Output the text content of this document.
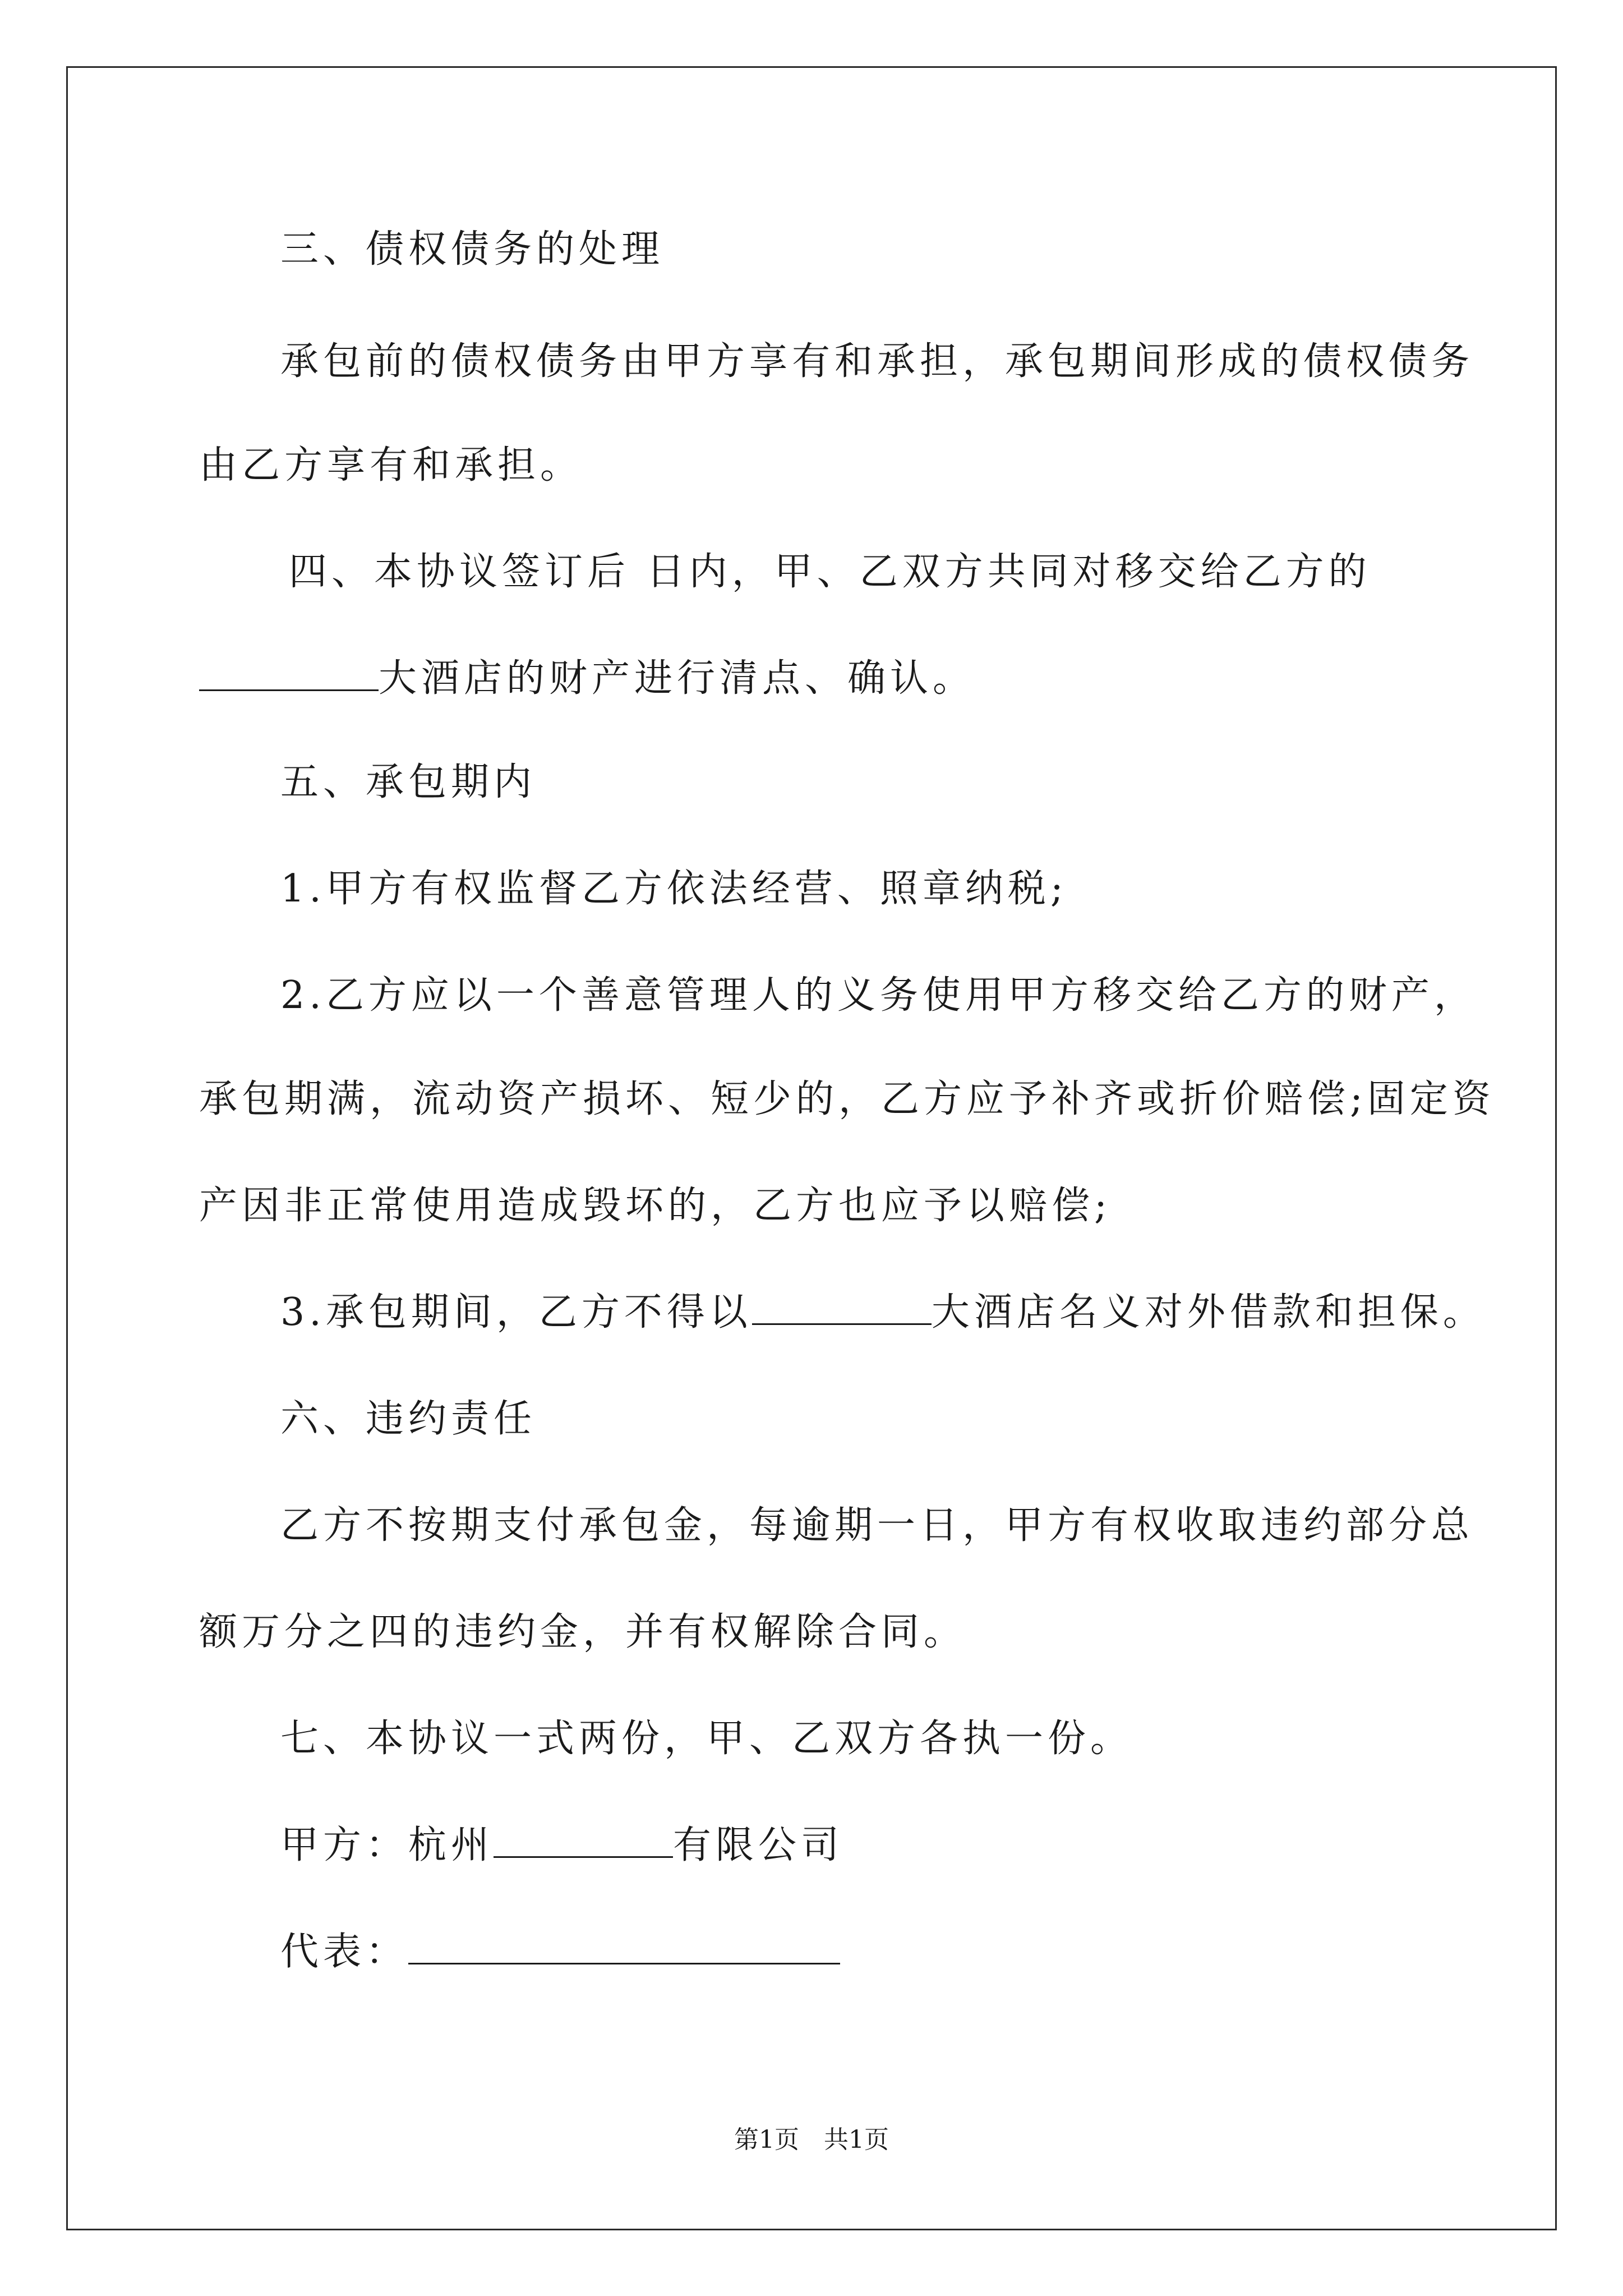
三、债权债务的处理
承包前的债权债务由甲方享有和承担，承包期间形成的债权债务
由乙方享有和承担。
四、本协议签订后 日内，甲、乙双方共同对移交给乙方的
大酒店的财产进行清点、确认。
五、承包期内
1.甲方有权监督乙方依法经营、照章纳税;
2.乙方应以一个善意管理人的义务使用甲方移交给乙方的财产，
承包期满，流动资产损坏、短少的，乙方应予补齐或折价赔偿;固定资
产因非正常使用造成毁坏的，乙方也应予以赔偿;
3.承包期间，乙方不得以	大酒店名义对外借款和担保。
六、违约责任
乙方不按期支付承包金，每逾期一日，甲方有权收取违约部分总
额万分之四的违约金，并有权解除合同。
七、本协议一式两份，甲、乙双方各执一份。
甲方：杭州	有限公司
代表：
第1页　共1页
